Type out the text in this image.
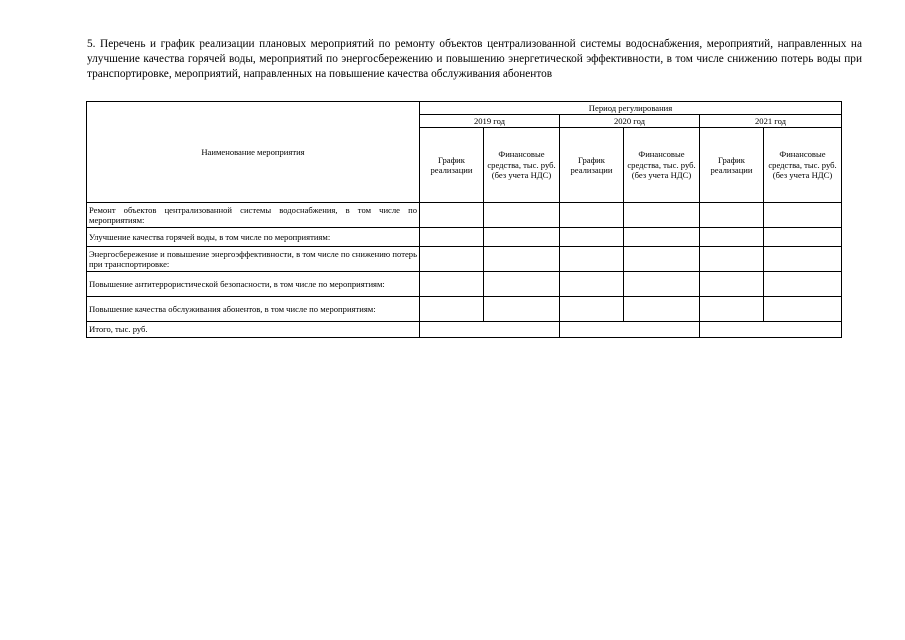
5. Перечень и график реализации плановых мероприятий по ремонту объектов централизованной системы водоснабжения, мероприятий, направленных на улучшение качества горячей воды, мероприятий по энергосбережению и повышению энергетической эффективности, в том числе снижению потерь воды при транспортировке, мероприятий, направленных на повышение качества обслуживания абонентов

Наименование мероприятия	Период регулирования					
	2019 год		2020 год		2021 год	
	График реализации	Финансовые средства, тыс. руб. (без учета НДС)	График реализации	Финансовые средства, тыс. руб. (без учета НДС)	График реализации	Финансовые средства, тыс. руб. (без учета НДС)
Ремонт объектов централизованной системы водоснабжения, в том числе по мероприятиям:						
Улучшение качества горячей воды, в том числе по мероприятиям:						
Энергосбережение и повышение энергоэффективности, в том числе по снижению потерь при транспортировке:						
Повышение антитеррористической безопасности, в том числе по мероприятиям:						
Повышение качества обслуживания абонентов, в том числе по мероприятиям:						
Итого, тыс. руб.						
